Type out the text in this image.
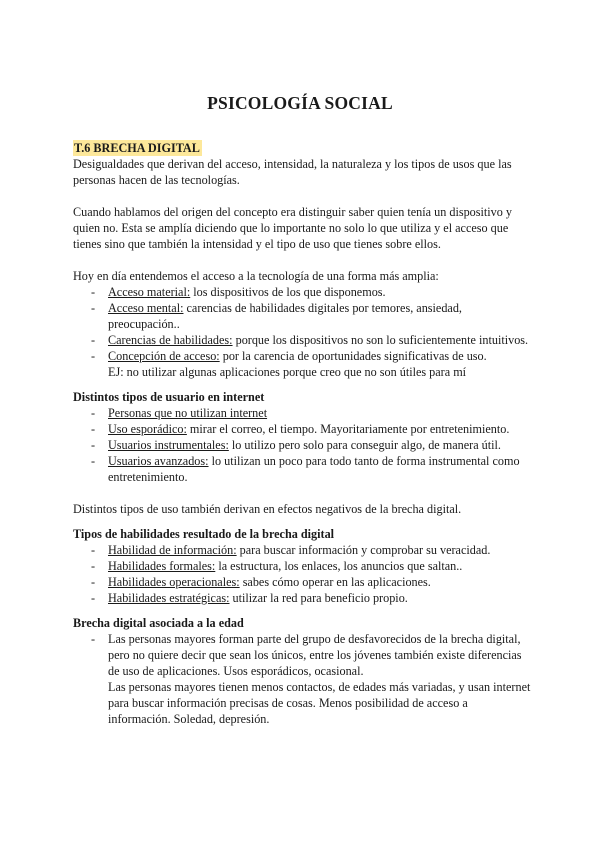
PSICOLOGÍA SOCIAL
T.6 BRECHA DIGITAL

Desigualdades que derivan del acceso, intensidad, la naturaleza y los tipos de usos que las personas hacen de las tecnologías.

Cuando hablamos del origen del concepto era distinguir saber quien tenía un dispositivo y quien no. Esta se amplía diciendo que lo importante no solo lo que utiliza y el acceso que tienes sino que también la intensidad y el tipo de uso que tienes sobre ellos.

Hoy en día entendemos el acceso a la tecnología de una forma más amplia:

- Acceso material: los dispositivos de los que disponemos.
- Acceso mental: carencias de habilidades digitales por temores, ansiedad, preocupación..
- Carencias de habilidades: porque los dispositivos no son lo suficientemente intuitivos.
- Concepción de acceso: por la carencia de oportunidades significativas de uso.
EJ: no utilizar algunas aplicaciones porque creo que no son útiles para mí
Distintos tipos de usuario en internet
- Personas que no utilizan internet
- Uso esporádico: mirar el correo, el tiempo. Mayoritariamente por entretenimiento.
- Usuarios instrumentales: lo utilizo pero solo para conseguir algo, de manera útil.
- Usuarios avanzados: lo utilizan un poco para todo tanto de forma instrumental como entretenimiento.

Distintos tipos de uso también derivan en efectos negativos de la brecha digital.

Tipos de habilidades resultado de la brecha digital
- Habilidad de información: para buscar información y comprobar su veracidad.
- Habilidades formales: la estructura, los enlaces, los anuncios que saltan..
- Habilidades operacionales: sabes cómo operar en las aplicaciones.
- Habilidades estratégicas: utilizar la red para beneficio propio.
Brecha digital asociada a la edad
- Las personas mayores forman parte del grupo de desfavorecidos de la brecha digital, pero no quiere decir que sean los únicos, entre los jóvenes también existe diferencias de uso de aplicaciones. Usos esporádicos, ocasional.

Las personas mayores tienen menos contactos, de edades más variadas, y usan internet para buscar información precisas de cosas. Menos posibilidad de acceso a información. Soledad, depresión.
